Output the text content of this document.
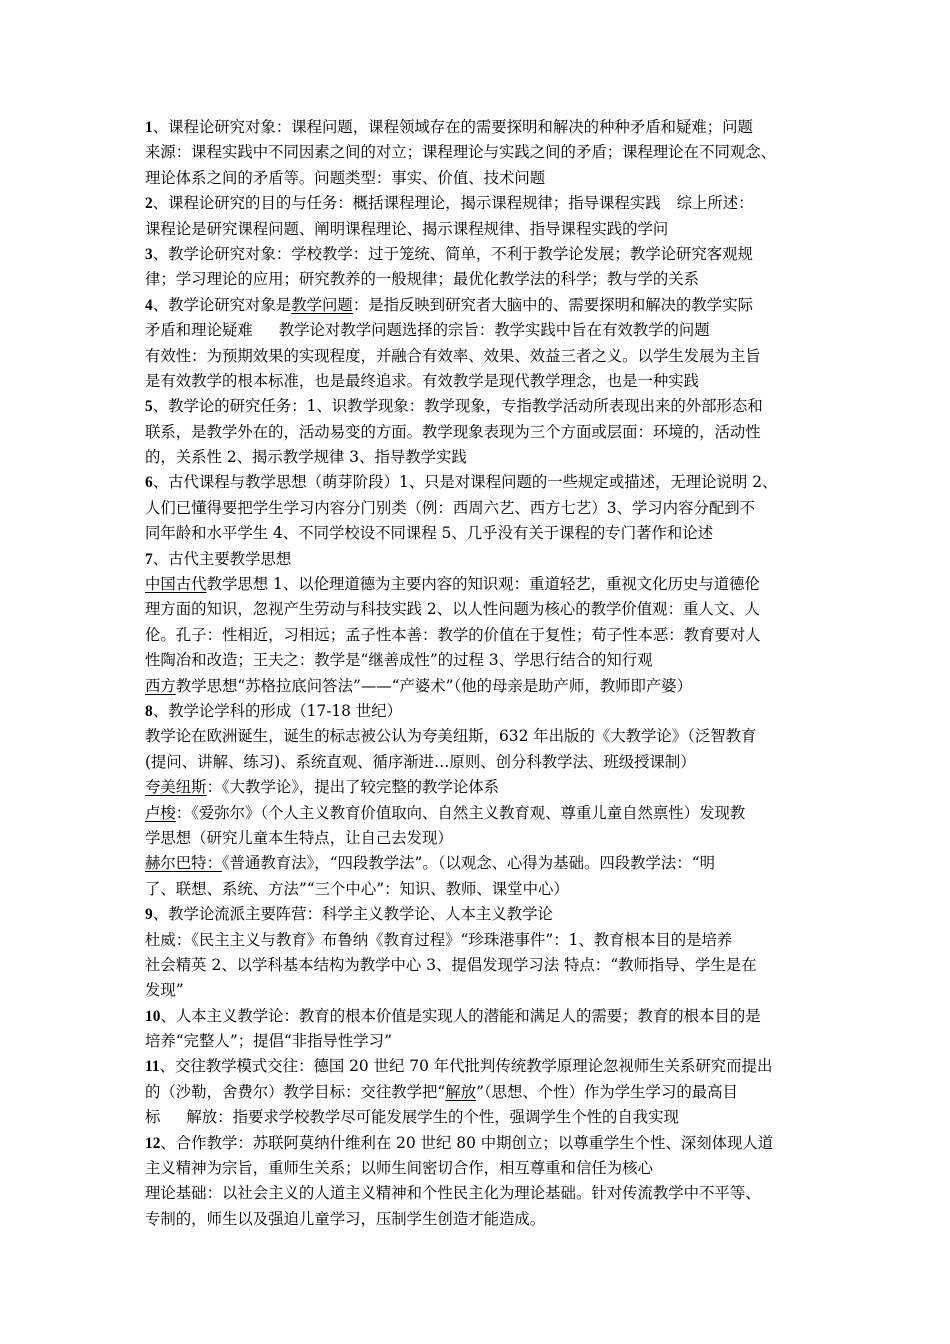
1、课程论研究对象：课程问题，课程领域存在的需要探明和解决的种种矛盾和疑难；问题
来源：课程实践中不同因素之间的对立；课程理论与实践之间的矛盾；课程理论在不同观念、
理论体系之间的矛盾等。问题类型：事实、价值、技术问题
2、课程论研究的目的与任务：概括课程理论，揭示课程规律；指导课程实践 综上所述：
课程论是研究课程问题、阐明课程理论、揭示课程规律、指导课程实践的学问
3、教学论研究对象：学校教学：过于笼统、简单，不利于教学论发展；教学论研究客观规
律；学习理论的应用；研究教养的一般规律；最优化教学法的科学；教与学的关系
4、教学论研究对象是教学问题：是指反映到研究者大脑中的、需要探明和解决的教学实际
矛盾和理论疑难 教学论对教学问题选择的宗旨：教学实践中旨在有效教学的问题
有效性：为预期效果的实现程度，并融合有效率、效果、效益三者之义。以学生发展为主旨
是有效教学的根本标准，也是最终追求。有效教学是现代教学理念，也是一种实践
5、教学论的研究任务：1、识教学现象：教学现象，专指教学活动所表现出来的外部形态和
联系，是教学外在的，活动易变的方面。教学现象表现为三个方面或层面：环境的，活动性
的，关系性 2、揭示教学规律 3、指导教学实践
6、古代课程与教学思想（萌芽阶段）1、只是对课程问题的一些规定或描述，无理论说明 2、
人们已懂得要把学生学习内容分门别类（例：西周六艺、西方七艺）3、学习内容分配到不
同年龄和水平学生 4、不同学校设不同课程 5、几乎没有关于课程的专门著作和论述
7、古代主要教学思想
中国古代教学思想 1、以伦理道德为主要内容的知识观：重道轻艺，重视文化历史与道德伦
理方面的知识，忽视产生劳动与科技实践 2、以人性问题为核心的教学价值观：重人文、人
伦。孔子：性相近，习相远；孟子性本善：教学的价值在于复性；荀子性本恶：教育要对人
性陶冶和改造；王夫之：教学是“继善成性”的过程 3、学思行结合的知行观
西方教学思想“苏格拉底问答法”——“产婆术”（他的母亲是助产师，教师即产婆）
8、教学论学科的形成（17-18 世纪）
教学论在欧洲诞生，诞生的标志被公认为夸美纽斯，632 年出版的《大教学论》（泛智教育
(提问、讲解、练习)、系统直观、循序渐进…原则、创分科教学法、班级授课制）
夸美纽斯：《大教学论》，提出了较完整的教学论体系
卢梭：《爱弥尔》（个人主义教育价值取向、自然主义教育观、尊重儿童自然禀性）发现教
学思想（研究儿童本生特点，让自己去发现）
赫尔巴特：《普通教育法》，“四段教学法”。（以观念、心得为基础。四段教学法：“明
了、联想、系统、方法”“三个中心”：知识、教师、课堂中心）
9、教学论流派主要阵营：科学主义教学论、人本主义教学论
杜威：《民主主义与教育》布鲁纳《教育过程》“珍珠港事件”：1、教育根本目的是培养
社会精英 2、以学科基本结构为教学中心 3、提倡发现学习法 特点：“教师指导、学生是在
发现”
10、人本主义教学论：教育的根本价值是实现人的潜能和满足人的需要；教育的根本目的是
培养“完整人”；提倡“非指导性学习”
11、交往教学模式交往：德国 20 世纪 70 年代批判传统教学原理论忽视师生关系研究而提出
的（沙勒，舍费尔）教学目标：交往教学把“解放”（思想、个性）作为学生学习的最高目
标 解放：指要求学校教学尽可能发展学生的个性，强调学生个性的自我实现
12、合作教学：苏联阿莫纳什维利在 20 世纪 80 中期创立；以尊重学生个性、深刻体现人道
主义精神为宗旨，重师生关系；以师生间密切合作，相互尊重和信任为核心
理论基础：以社会主义的人道主义精神和个性民主化为理论基础。针对传流教学中不平等、
专制的，师生以及强迫儿童学习，压制学生创造才能造成。
